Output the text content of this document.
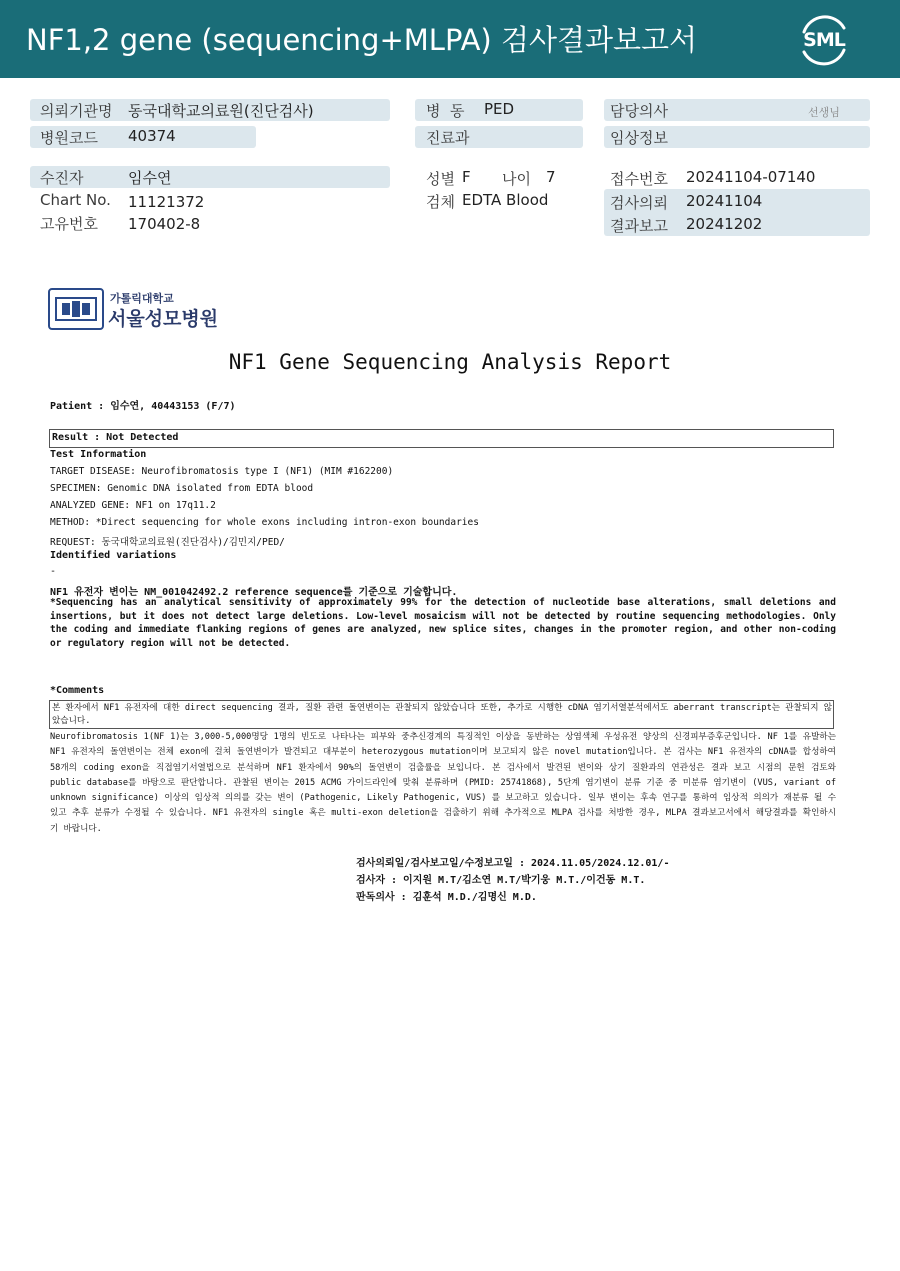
NF1,2 gene (sequencing+MLPA) 검사결과보고서	SML
의뢰기관명 동국대학교의료원(진단검사)
병원코드 40374
병  동 PED
진료과
담당의사	선생님
임상정보
수진자	임수연
Chart No. 11121372
고유번호 170402-8
성별 F 나이 7
검체 EDTA Blood
접수번호 20241104-07140
검사의뢰 20241104
결과보고 20241202
가톨릭대학교
서울성모병원
NF1 Gene Sequencing Analysis Report
Patient : 임수연, 40443153 (F/7)
Result : Not Detected
Test Information
TARGET DISEASE: Neurofibromatosis type I (NF1) (MIM #162200)
SPECIMEN: Genomic DNA isolated from EDTA blood
ANALYZED GENE: NF1 on 17q11.2
METHOD: *Direct sequencing for whole exons including intron-exon boundaries
REQUEST: 동국대학교의료원(진단검사)/김민지/PED/
Identified variations
-
NF1 유전자 변이는 NM_001042492.2 reference sequence를 기준으로 기술합니다.
*Sequencing has an analytical sensitivity of approximately 99% for the detection of nucleotide base alterations, small deletions and insertions, but it does not detect large deletions. Low-level mosaicism will not be detected by routine sequencing methodologies. Only the coding and immediate flanking regions of genes are analyzed, new splice sites, changes in the promoter region, and other non-coding or regulatory region will not be detected.
*Comments
본 환자에서 NF1 유전자에 대한 direct sequencing 결과, 질환 관련 돌연변이는 관찰되지 않았습니다 또한, 추가로 시행한 cDNA 염기서열분석에서도 aberrant transcript는 관찰되지 않았습니다.
Neurofibromatosis 1(NF 1)는 3,000-5,000명당 1명의 빈도로 나타나는 피부와 중추신경계의 특징적인 이상을 동반하는 상염색체 우성유전 양상의 신경피부증후군입니다. NF 1를 유발하는 NF1 유전자의 돌연변이는 전체 exon에 걸쳐 돌연변이가 발견되고 대부분이 heterozygous mutation이며 보고되지 않은 novel mutation입니다. 본 검사는 NF1 유전자의 cDNA를 합성하여 58개의 coding exon을 직접염기서열법으로 분석하며 NF1 환자에서 90%의 돌연변이 검출률을 보입니다. 본 검사에서 발견된 변이와 상기 질환과의 연관성은 결과 보고 시점의 문헌 검토와 public database를 바탕으로 판단합니다. 관찰된 변이는 2015 ACMG 가이드라인에 맞춰 분류하며 (PMID: 25741868), 5단계 염기변이 분류 기준 중 미분류 염기변이 (VUS, variant of unknown significance) 이상의 임상적 의의를 갖는 변이 (Pathogenic, Likely Pathogenic, VUS) 를 보고하고 있습니다. 일부 변이는 후속 연구를 통하여 임상적 의의가 재분류 될 수 있고 추후 분류가 수정될 수 있습니다. NF1 유전자의 single 혹은 multi-exon deletion을 검출하기 위해 추가적으로 MLPA 검사를 처방한 경우, MLPA 결과보고서에서 해당결과를 확인하시기 바랍니다.
검사의뢰일/검사보고일/수정보고일 : 2024.11.05/2024.12.01/-
검사자 : 이지원 M.T/김소연 M.T/박기웅 M.T./이건동 M.T.
판독의사 : 김훈석 M.D./김명신 M.D.
